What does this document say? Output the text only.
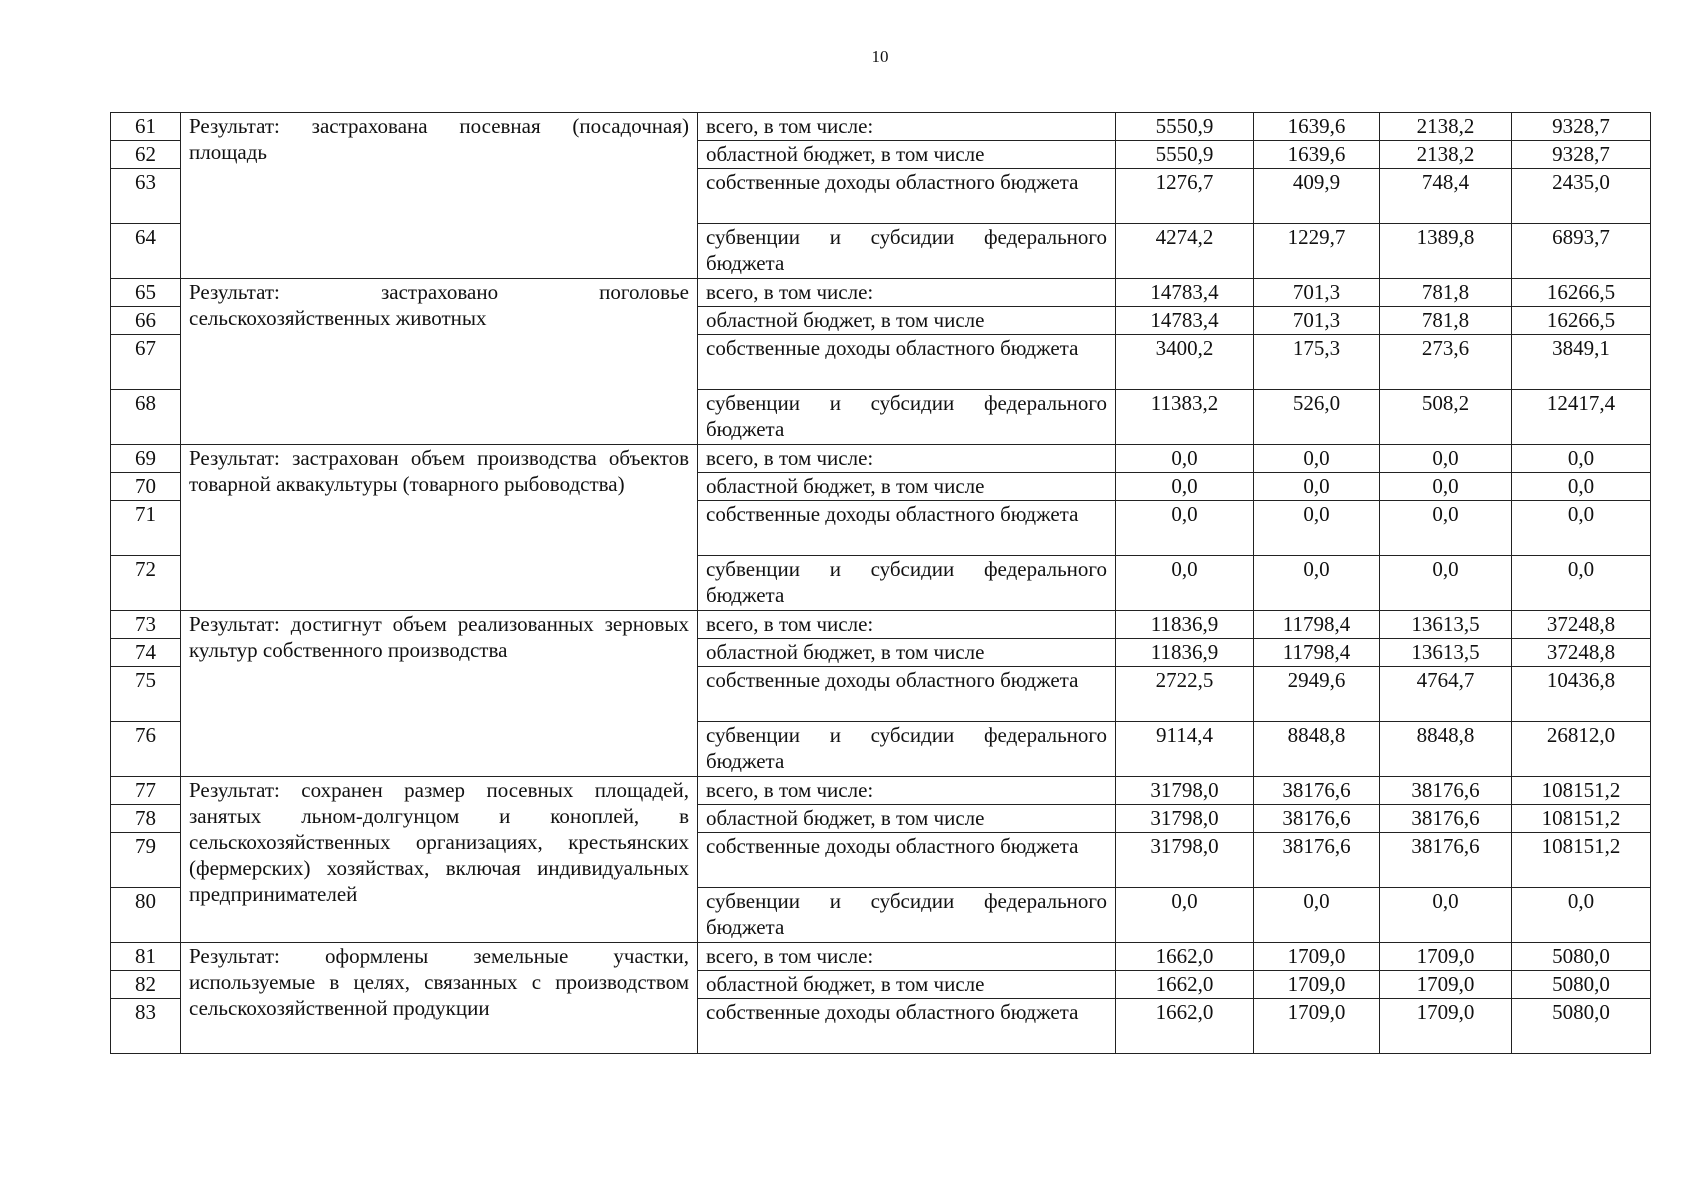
10
61	Результат: застрахована посевная (посадочная) площадь	всего, в том числе:	5550,9	1639,6	2138,2	9328,7
62		областной бюджет, в том числе	5550,9	1639,6	2138,2	9328,7
63		собственные доходы областного бюджета	1276,7	409,9	748,4	2435,0
64		субвенции и субсидии федерального бюджета	4274,2	1229,7	1389,8	6893,7
65	Результат: застраховано поголовье сельскохозяйственных животных	всего, в том числе:	14783,4	701,3	781,8	16266,5
66		областной бюджет, в том числе	14783,4	701,3	781,8	16266,5
67		собственные доходы областного бюджета	3400,2	175,3	273,6	3849,1
68		субвенции и субсидии федерального бюджета	11383,2	526,0	508,2	12417,4
69	Результат: застрахован объем производства объектов товарной аквакультуры (товарного рыбоводства)	всего, в том числе:	0,0	0,0	0,0	0,0
70		областной бюджет, в том числе	0,0	0,0	0,0	0,0
71		собственные доходы областного бюджета	0,0	0,0	0,0	0,0
72		субвенции и субсидии федерального бюджета	0,0	0,0	0,0	0,0
73	Результат: достигнут объем реализованных зерновых культур собственного производства	всего, в том числе:	11836,9	11798,4	13613,5	37248,8
74		областной бюджет, в том числе	11836,9	11798,4	13613,5	37248,8
75		собственные доходы областного бюджета	2722,5	2949,6	4764,7	10436,8
76		субвенции и субсидии федерального бюджета	9114,4	8848,8	8848,8	26812,0
77	Результат: сохранен размер посевных площадей, занятых льном-долгунцом и коноплей, в сельскохозяйственных организациях, крестьянских (фермерских) хозяйствах, включая индивидуальных предпринимателей	всего, в том числе:	31798,0	38176,6	38176,6	108151,2
78		областной бюджет, в том числе	31798,0	38176,6	38176,6	108151,2
79		собственные доходы областного бюджета	31798,0	38176,6	38176,6	108151,2
80		субвенции и субсидии федерального бюджета	0,0	0,0	0,0	0,0
81	Результат: оформлены земельные участки, используемые в целях, связанных с производством сельскохозяйственной продукции	всего, в том числе:	1662,0	1709,0	1709,0	5080,0
82		областной бюджет, в том числе	1662,0	1709,0	1709,0	5080,0
83		собственные доходы областного бюджета	1662,0	1709,0	1709,0	5080,0
